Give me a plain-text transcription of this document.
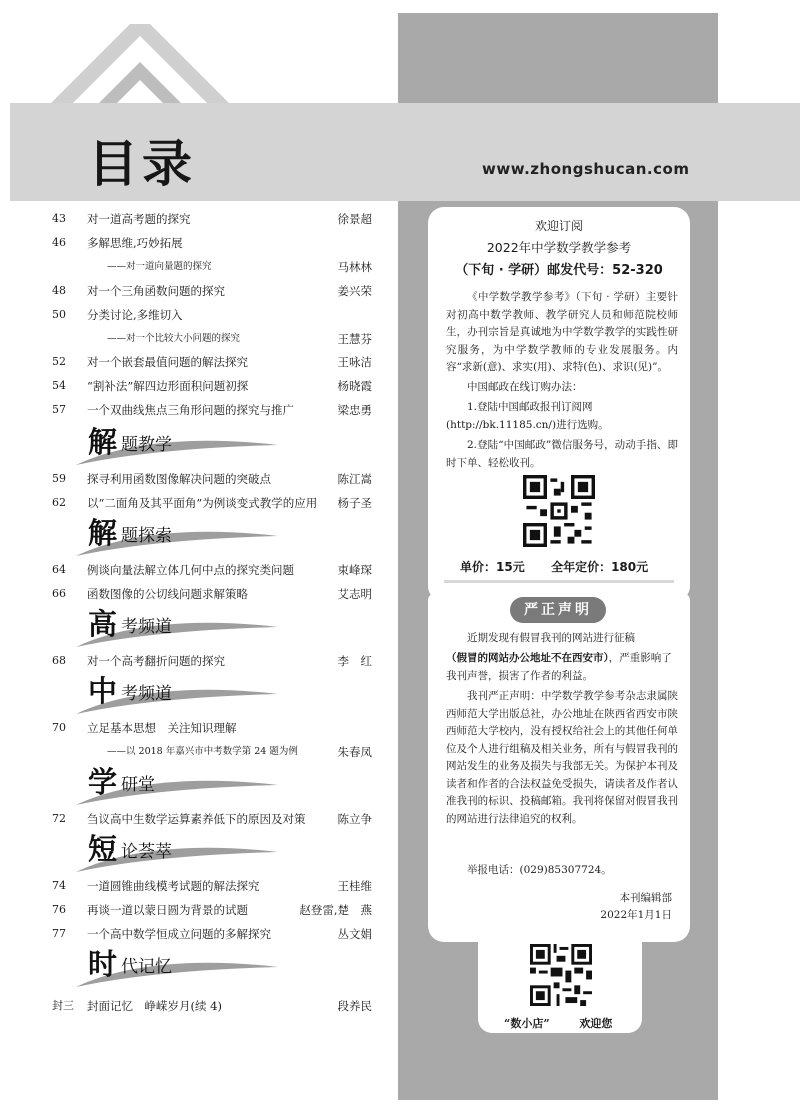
目录	www.zhongshucan.com
43	对一道高考题的探究	徐景超
46	多解思维,巧妙拓展
——对一道向量题的探究	马林林
48	对一个三角函数问题的探究	姜兴荣
50	分类讨论,多维切入
——对一个比较大小问题的探究	王慧芬
52	对一个嵌套最值问题的解法探究	王咏洁
54	“割补法”解四边形面积问题初探	杨晓霞
57	一个双曲线焦点三角形问题的探究与推广	梁忠勇
解 题教学
59	探寻利用函数图像解决问题的突破点	陈江嵩
62	以“二面角及其平面角”为例谈变式教学的应用 杨子圣
解 题探索
64	例谈向量法解立体几何中点的探究类问题	束峰琛
66	函数图像的公切线问题求解策略	艾志明
高 考频道
68	对一个高考翻折问题的探究	李　红
中 考频道
70	立足基本思想　关注知识理解
——以 2018 年嘉兴市中考数学第 24 题为例	朱春凤
学 研堂
72	刍议高中生数学运算素养低下的原因及对策	陈立争
短 论荟萃
74	一道圆锥曲线模考试题的解法探究	王桂维
76	再谈一道以蒙日圆为背景的试题	赵登雷,楚　燕
77	一个高中数学恒成立问题的多解探究	丛文娟
时 代记忆
封三	封面记忆　峥嵘岁月(续 4)	段养民
欢迎订阅
2022年中学数学教学参考
（下旬 · 学研）邮发代号：52-320
《中学数学教学参考》（下旬 · 学研）主要针对初高中数学教师、教学研究人员和师范院校师生，办刊宗旨是真诚地为中学数学教学的实践性研究服务，为中学数学教师的专业发展服务。内容“求新(意)、求实(用)、求特(色)、求识(见)”。
中国邮政在线订购办法：
1.登陆中国邮政报刊订阅网
(http://bk.11185.cn/)进行选购。
2.登陆“中国邮政”微信服务号，动动手指、即时下单、轻松收刊。
单价：15元 全年定价：180元
严正声明
近期发现有假冒我刊的网站进行征稿
（假冒的网站办公地址不在西安市），严重影响了我刊声誉，损害了作者的利益。
我刊严正声明：中学数学教学参考杂志隶属陕西师范大学出版总社，办公地址在陕西省西安市陕西师范大学校内，没有授权给社会上的其他任何单位及个人进行组稿及相关业务，所有与假冒我刊的网站发生的业务及损失与我部无关。为保护本刊及读者和作者的合法权益免受损失，请读者及作者认准我刊的标识、投稿邮箱。我刊将保留对假冒我刊的网站进行法律追究的权利。
举报电话：(029)85307724。
本刊编辑部
2022年1月1日
“数小店”	欢迎您
